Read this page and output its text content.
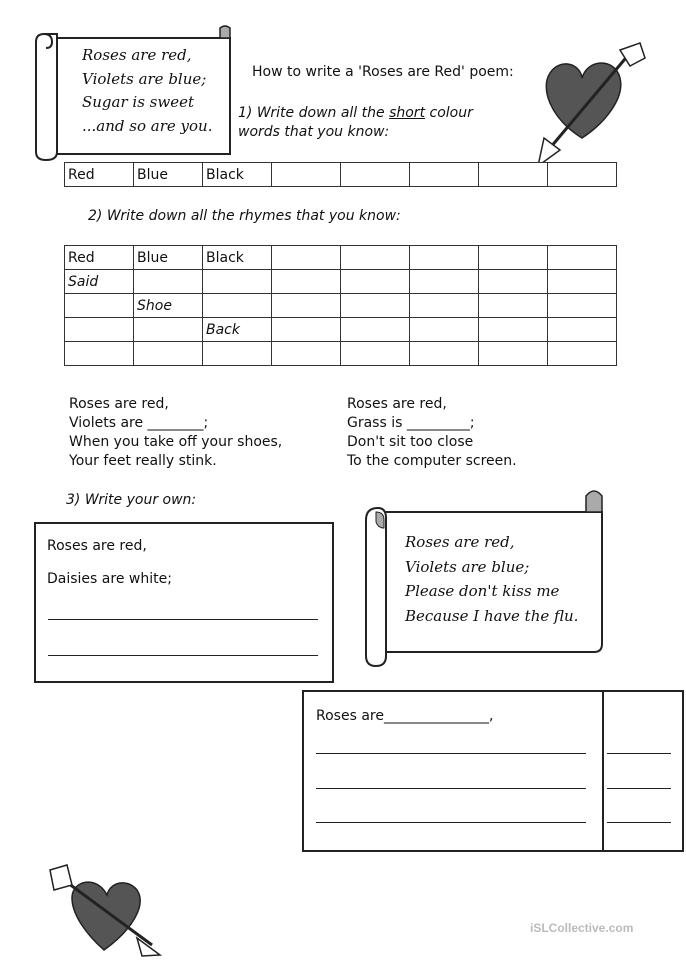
Roses are red,
Violets are blue;
Sugar is sweet
...and so are you.
How to write a 'Roses are Red' poem:
1) Write down all the short colour
words that you know:
Red	Blue	Black					
2) Write down all the rhymes that you know:
Red	Blue	Black					
Said							
	Shoe						
		Back					

Roses are red,
Violets are ________;
When you take off your shoes,
Your feet really stink.
Roses are red,
Grass is _________;
Don't sit too close
To the computer screen.
3) Write your own:
Roses are red,
Daisies are white;
Roses are red,
Violets are blue;
Please don't kiss me
Because I have the flu.
Roses are_______________,
iSLCollective.com
